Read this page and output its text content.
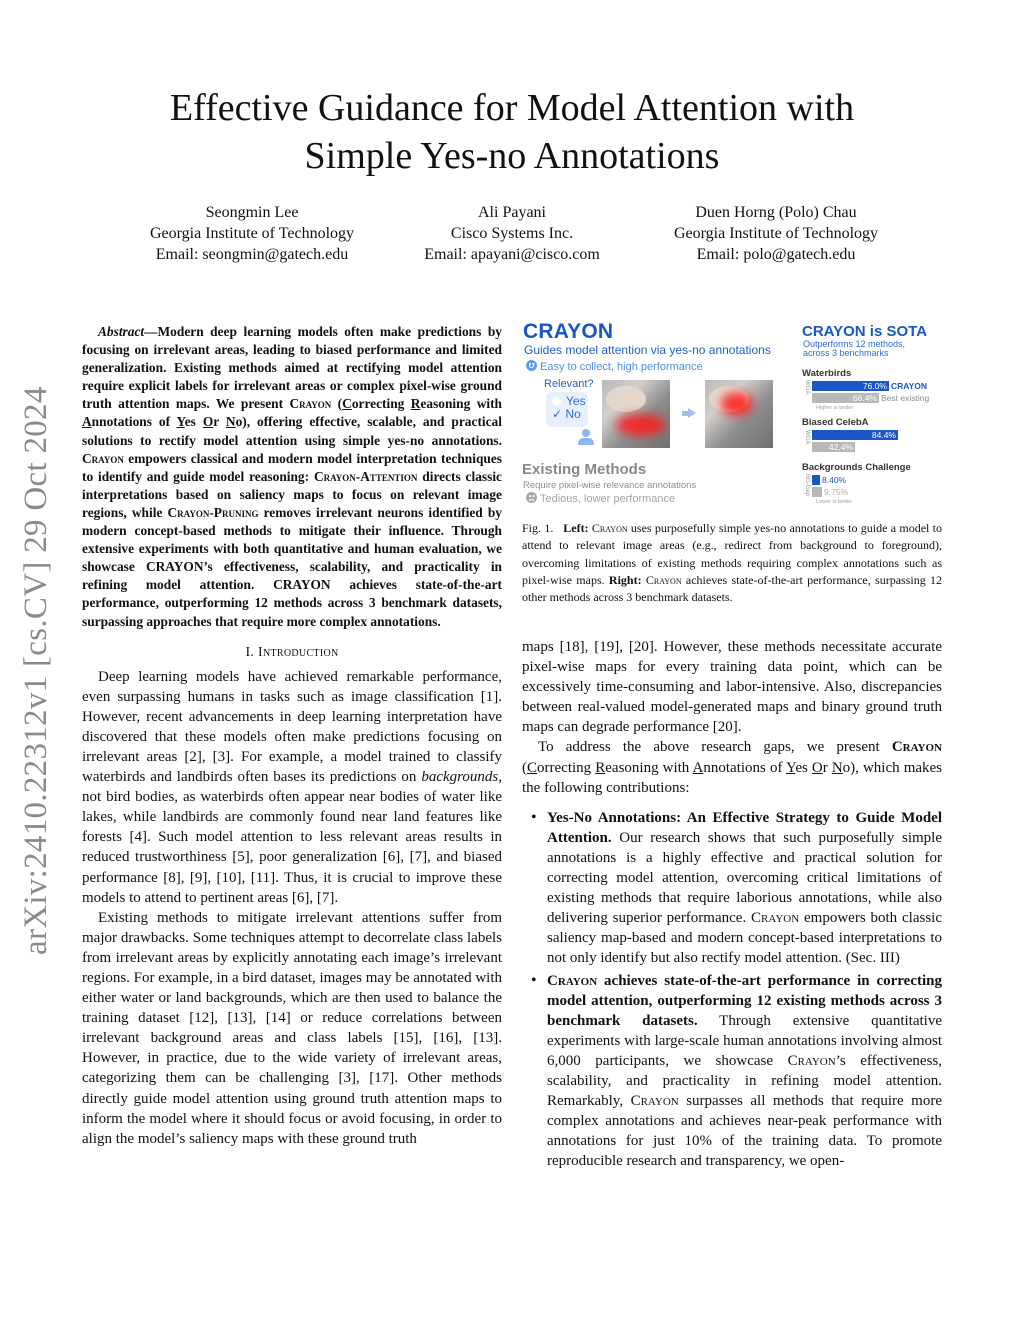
arXiv:2410.22312v1 [cs.CV] 29 Oct 2024
Effective Guidance for Model Attention with
Simple Yes-no Annotations
Seongmin Lee
Georgia Institute of Technology
Email: seongmin@gatech.edu
Ali Payani
Cisco Systems Inc.
Email: apayani@cisco.com
Duen Horng (Polo) Chau
Georgia Institute of Technology
Email: polo@gatech.edu
Abstract—Modern deep learning models often make predictions by focusing on irrelevant areas, leading to biased performance and limited generalization. Existing methods aimed at rectifying model attention require explicit labels for irrelevant areas or complex pixel-wise ground truth attention maps. We present Crayon (Correcting Reasoning with Annotations of Yes Or No), offering effective, scalable, and practical solutions to rectify model attention using simple yes-no annotations. Crayon empowers classical and modern model interpretation techniques to identify and guide model reasoning: Crayon-Attention directs classic interpretations based on saliency maps to focus on relevant image regions, while Crayon-Pruning removes irrelevant neurons identified by modern concept-based methods to mitigate their influence. Through extensive experiments with both quantitative and human evaluation, we showcase CRAYON’s effectiveness, scalability, and practicality in refining model attention. CRAYON achieves state-of-the-art performance, outperforming 12 methods across 3 benchmark datasets, surpassing approaches that require more complex annotations.
I. Introduction

Deep learning models have achieved remarkable performance, even surpassing humans in tasks such as image classification [1]. However, recent advancements in deep learning interpretation have discovered that these models often make predictions focusing on irrelevant areas [2], [3]. For example, a model trained to classify waterbirds and landbirds often bases its predictions on backgrounds, not bird bodies, as waterbirds often appear near bodies of water like lakes, while landbirds are commonly found near land features like forests [4]. Such model attention to less relevant areas results in reduced trustworthiness [5], poor generalization [6], [7], and biased performance [8], [9], [10], [11]. Thus, it is crucial to improve these models to attend to pertinent areas [6], [7].

Existing methods to mitigate irrelevant attentions suffer from major drawbacks. Some techniques attempt to decorrelate class labels from irrelevant areas by explicitly annotating each image’s irrelevant regions. For example, in a bird dataset, images may be annotated with either water or land backgrounds, which are then used to balance the training dataset [12], [13], [14] or reduce correlations between irrelevant background areas and class labels [15], [16], [13]. However, in practice, due to the wide variety of irrelevant areas, categorizing them can be challenging [3], [17]. Other methods directly guide model attention using ground truth attention maps to inform the model where it should focus or avoid focusing, in order to align the model’s saliency maps with these ground truth

CRAYON
Guides model attention via yes-no annotations
Easy to collect, high performance
Relevant?
Yes
✓ No
Existing Methods
Require pixel-wise relevance annotations
Tedious, lower performance
CRAYON is SOTA
Outperforms 12 methods, across 3 benchmarks
Waterbirds
WGA	76.0% CRAYON
66.4% Best existing
Higher is better
Biased CelebA
WGA	84.4%
42.4%
Backgrounds Challenge
BG-Gap 8.40%
9.75%
Lower is better
Fig. 1. Left: Crayon uses purposefully simple yes-no annotations to guide a model to attend to relevant image areas (e.g., redirect from background to foreground), overcoming limitations of existing methods requiring complex annotations such as pixel-wise maps. Right: Crayon achieves state-of-the-art performance, surpassing 12 other methods across 3 benchmark datasets.

maps [18], [19], [20]. However, these methods necessitate accurate pixel-wise maps for every training data point, which can be excessively time-consuming and labor-intensive. Also, discrepancies between real-valued model-generated maps and binary ground truth maps can degrade performance [20].

To address the above research gaps, we present Crayon (Correcting Reasoning with Annotations of Yes Or No), which makes the following contributions:

• Yes-No Annotations: An Effective Strategy to Guide Model Attention. Our research shows that such purposefully simple annotations is a highly effective and practical solution for correcting model attention, overcoming critical limitations of existing methods that require laborious annotations, while also delivering superior performance. Crayon empowers both classic saliency map-based and modern concept-based interpretations to not only identify but also rectify model attention. (Sec. III)
• Crayon achieves state-of-the-art performance in correcting model attention, outperforming 12 existing methods across 3 benchmark datasets. Through extensive quantitative experiments with large-scale human annotations involving almost 6,000 participants, we showcase Crayon’s effectiveness, scalability, and practicality in refining model attention. Remarkably, Crayon surpasses all methods that require more complex annotations and achieves near-peak performance with annotations for just 10% of the training data. To promote reproducible research and transparency, we open-
